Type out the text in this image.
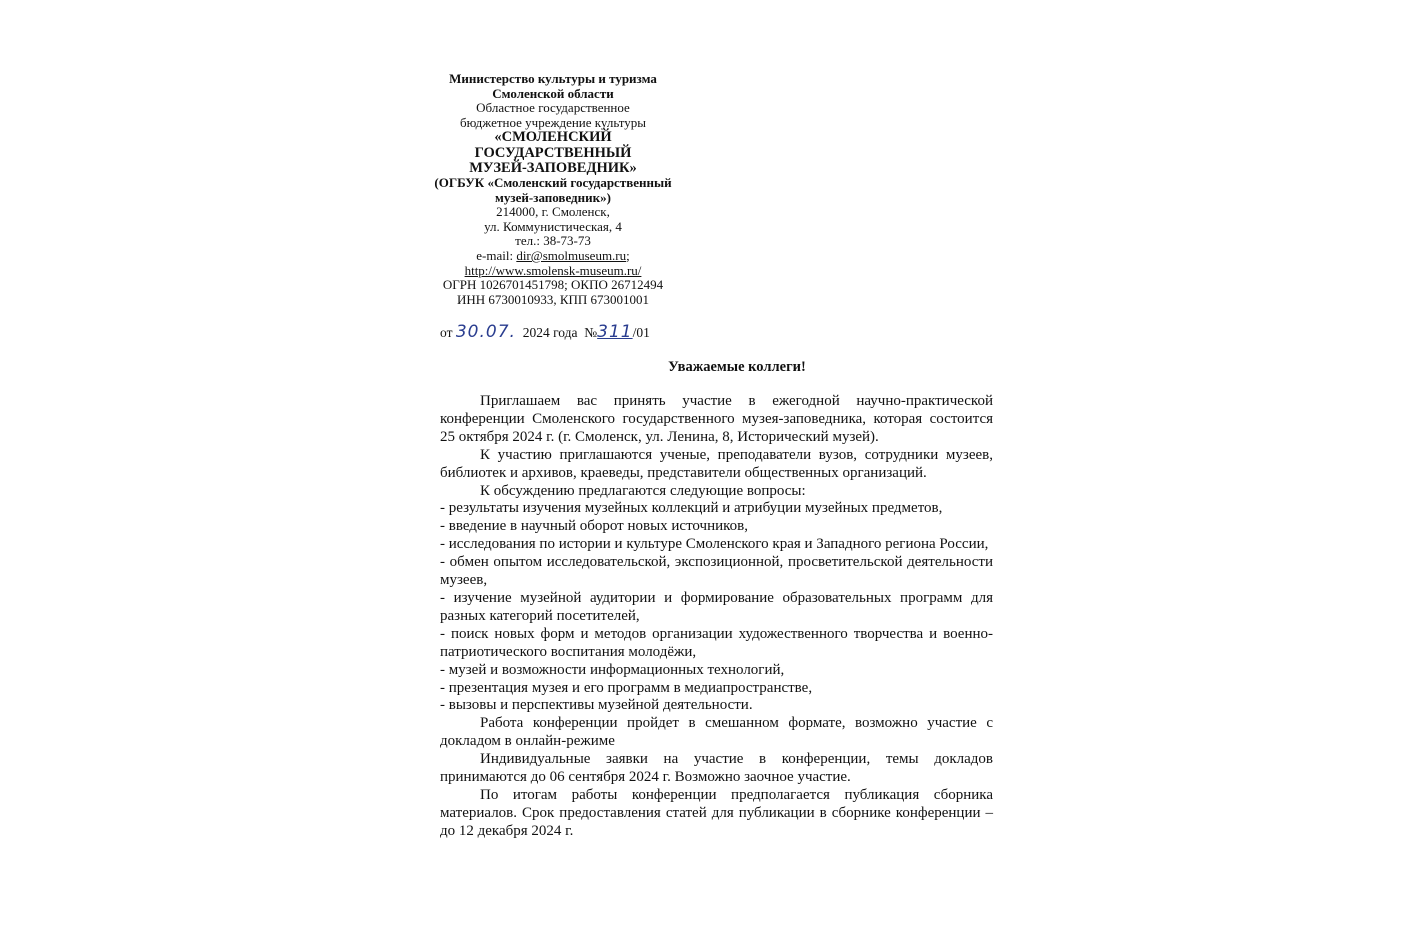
Министерство культуры и туризма
Смоленской области
Областное государственное
бюджетное учреждение культуры
«СМОЛЕНСКИЙ
ГОСУДАРСТВЕННЫЙ
МУЗЕЙ-ЗАПОВЕДНИК»
(ОГБУК «Смоленский государственный
музей-заповедник»)
214000, г. Смоленск,
ул. Коммунистическая, 4
тел.: 38-73-73
e-mail: dir@smolmuseum.ru;
http://www.smolensk-museum.ru/
ОГРН 1026701451798; ОКПО 26712494
ИНН 6730010933, КПП 673001001
от 30.07.  2024 года  №311/01
Уважаемые коллеги!

Приглашаем вас принять участие в ежегодной научно-практической конференции Смоленского государственного музея-заповедника, которая состоится 25 октября 2024 г. (г. Смоленск, ул. Ленина, 8, Исторический музей).

К участию приглашаются ученые, преподаватели вузов, сотрудники музеев, библиотек и архивов, краеведы, представители общественных организаций.

К обсуждению предлагаются следующие вопросы:

- результаты изучения музейных коллекций и атрибуции музейных предметов,

- введение в научный оборот новых источников,

- исследования по истории и культуре Смоленского края и Западного региона России,

- обмен опытом исследовательской, экспозиционной, просветительской деятельности музеев,

- изучение музейной аудитории и формирование образовательных программ для разных категорий посетителей,

- поиск новых форм и методов организации художественного творчества и военно-патриотического воспитания молодёжи,

- музей и возможности информационных технологий,

- презентация музея и его программ в медиапространстве,

- вызовы и перспективы музейной деятельности.

Работа конференции пройдет в смешанном формате, возможно участие с докладом в онлайн-режиме

Индивидуальные заявки на участие в конференции, темы докладов принимаются до 06 сентября 2024 г. Возможно заочное участие.

По итогам работы конференции предполагается публикация сборника материалов. Срок предоставления статей для публикации в сборнике конференции – до 12 декабря 2024 г.
